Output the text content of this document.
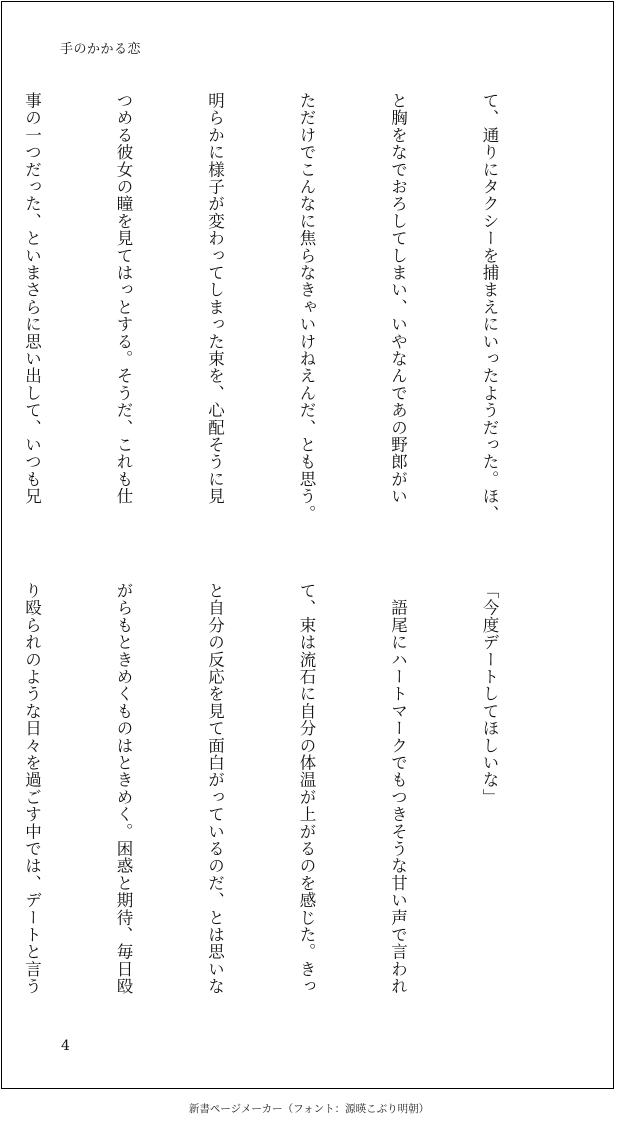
手のかかる恋

て、通りにタクシーを捕まえにいったようだった。ほ、

と胸をなでおろしてしまい、いやなんであの野郎がい

ただけでこんなに焦らなきゃいけねえんだ、とも思う。

明らかに様子が変わってしまった束を、心配そうに見

つめる彼女の瞳を見てはっとする。そうだ、これも仕

事の一つだった、といまさらに思い出して、いつも兄

「今度デートしてほしいな」

　語尾にハートマークでもつきそうな甘い声で言われ

て、束は流石に自分の体温が上がるのを感じた。きっ

と自分の反応を見て面白がっているのだ、とは思いな

がらもときめくものはときめく。困惑と期待、毎日殴

り殴られのような日々を過ごす中では、デートと言う

4
新書ページメーカー（フォント：源暎こぶり明朝）
